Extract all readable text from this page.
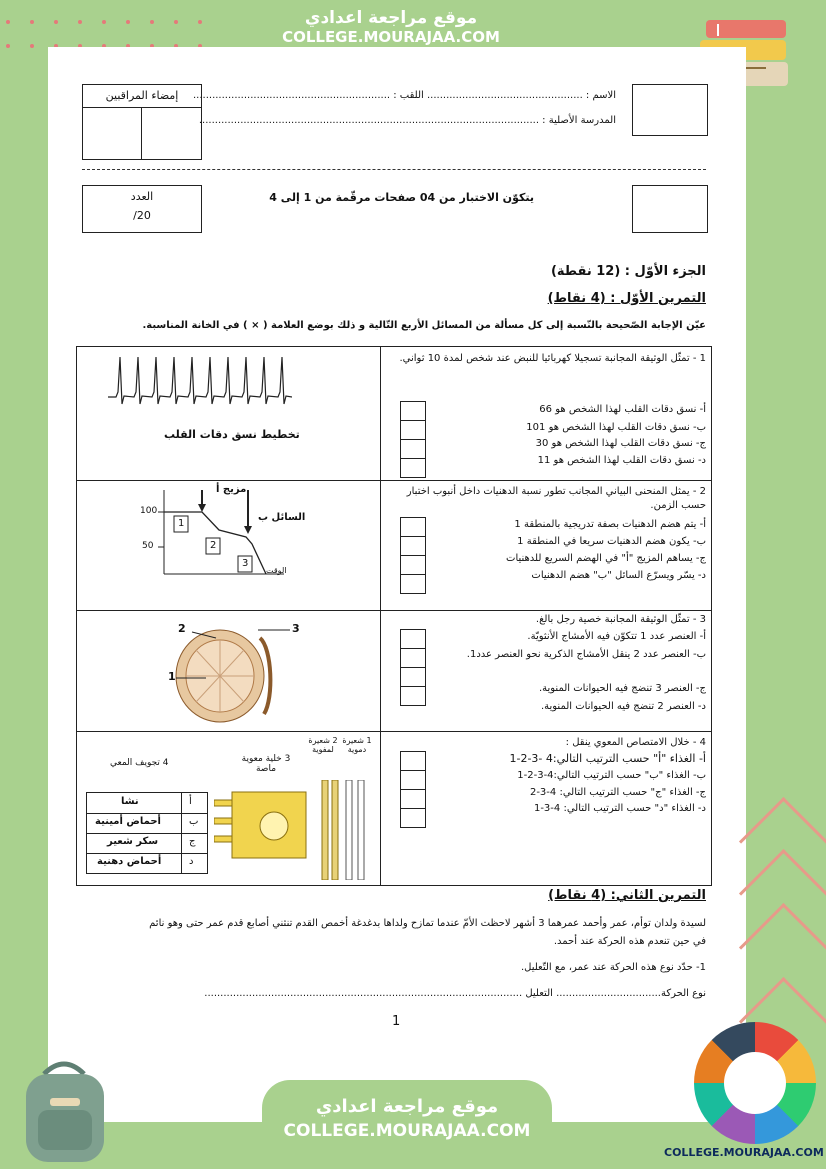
موقع مراجعة اعدادي
COLLEGE.MOURAJAA.COM
إمضاء المراقبين	الاسم : ................................................. اللقب : ..............................................................
المدرسة الأصلية : ...........................................................................................................
العدد
/20
يتكوّن الاختبار من 04 صفحات مرقّمة من 1 إلى 4
الجزء الأوّل : (12 نقطة)
التمرين الأوّل : (4 نقاط)
عيّن الإجابة الصّحيحة بالنّسبة إلى كل مسألة من المسائل الأربع التّالية و ذلك بوضع العلامة ( × ) في الخانة المناسبة.
1 - تمثّل الوثيقة المجانبة تسجيلا كهربائيا للنبض عند شخص لمدة 10 ثواني.
أ- نسق دقات القلب لهذا الشخص هو 66
ب- نسق دقات القلب لهذا الشخص هو 101
ج- نسق دقات القلب لهذا الشخص هو 30
د- نسق دقات القلب لهذا الشخص هو 11
تخطيط نسق دقات القلب
2 - يمثل المنحنى البياني المجانب تطور نسبة الدهنيات داخل أنبوب اختبار حسب الزمن.
أ- يتم هضم الدهنيات بصفة تدريجية بالمنطقة 1
ب- يكون هضم الدهنيات سريعا في المنطقة 1
ج- يساهم المزيج "أ" في الهضم السريع للدهنيات
د- يسّر ويسرّع السائل "ب" هضم الدهنيات
100
50
1
2
3
مزيج أ
السائل ب
الوقت
3 - تمثّل الوثيقة المجانبة خصية رجل بالغ.
أ- العنصر عدد 1 تتكوّن فيه الأمشاج الأنثويّة.
ب- العنصر عدد 2 ينقل الأمشاج الذكرية نحو العنصر عدد1.
ج- العنصر 3 تنضج فيه الحيوانات المنوية.
د- العنصر 2 تنضج فيه الحيوانات المنوية.
2	3
1
4 - خلال الامتصاص المعوي ينقل :
أ- الغذاء "أ" حسب الترتيب التالي:4 -3-2-1
ب- الغذاء "ب" حسب الترتيب التالي:4-3-2-1
ج- الغذاء "ج" حسب الترتيب التالي: 4-3-2
د- الغذاء "د" حسب الترتيب التالي: 4-3-1
4 تجويف المعي	3 خلية معوية ماصة
2 شعيرة لمفوية
1 شعيرة دموية
أ
نشا
ب
أحماض أمينية
ج
سكر شعير
د
أحماض دهنية
التمرين الثاني: (4 نقاط)
لسيدة ولدان توأم، عمر وأحمد عمرهما 3 أشهر لاحظت الأمّ عندما تمازح ولداها بدغدغة أخمص القدم تنثني أصابع قدم عمر حتى وهو نائم
في حين تنعدم هذه الحركة عند أحمد.
1- حدّد نوع هذه الحركة عند عمر، مع التّعليل.
نوع الحركة................................. التعليل ....................................................................................................
1
موقع مراجعة اعدادي
COLLEGE.MOURAJAA.COM
COLLEGE.MOURAJAA.COM
